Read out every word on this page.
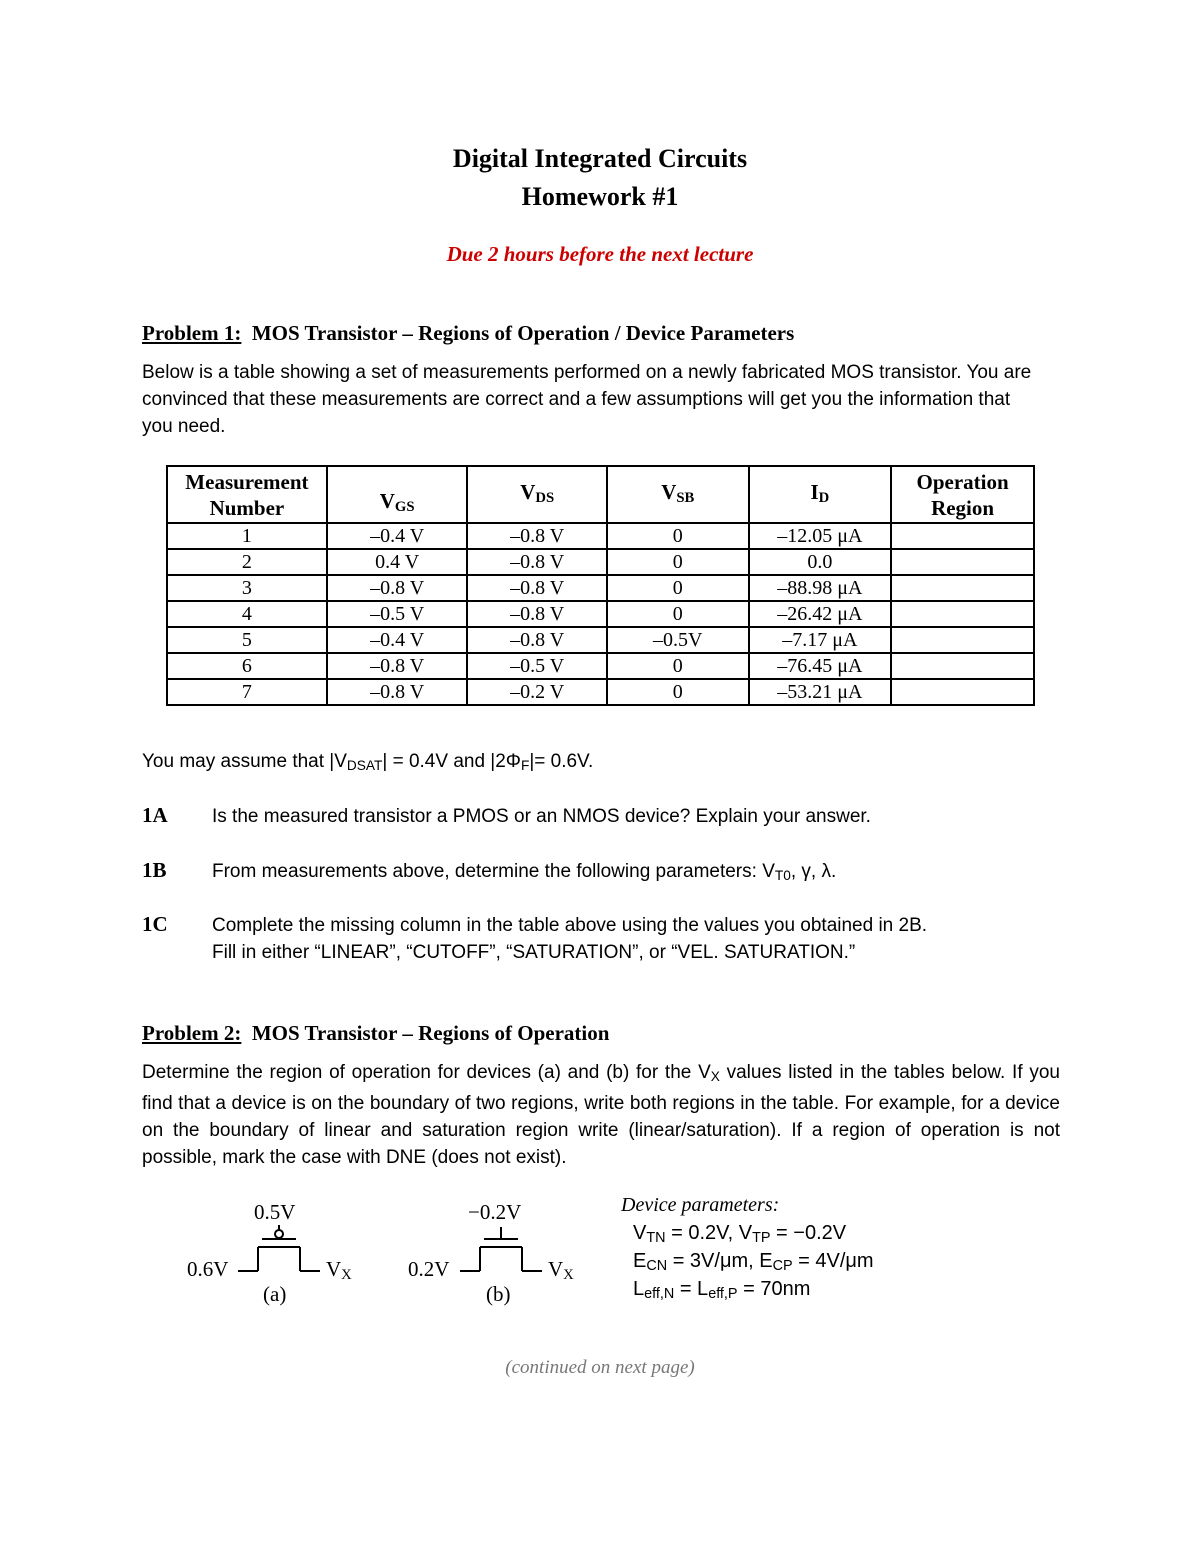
Digital Integrated Circuits
Homework #1
Due 2 hours before the next lecture
Problem 1: MOS Transistor – Regions of Operation / Device Parameters
Below is a table showing a set of measurements performed on a newly fabricated MOS transistor. You are convinced that these measurements are correct and a few assumptions will get you the information that you need.
Measurement
Number	$V_{GS}$	$V_{DS}$	$V_{SB}$	$I_D$	Operation
Region
1	–0.4 V	–0.8 V	0	–12.05 μA	
2	0.4 V	–0.8 V	0	0.0	
3	–0.8 V	–0.8 V	0	–88.98 μA	
4	–0.5 V	–0.8 V	0	–26.42 μA	
5	–0.4 V	–0.8 V	–0.5V	–7.17 μA	
6	–0.8 V	–0.5 V	0	–76.45 μA	
7	–0.8 V	–0.2 V	0	–53.21 μA	
You may assume that |VDSAT| = 0.4V and |2ΦF|= 0.6V.
1A Is the measured transistor a PMOS or an NMOS device? Explain your answer.
1B From measurements above, determine the following parameters: VT0, γ, λ.
1C Complete the missing column in the table above using the values you obtained in 2B.
Fill in either “LINEAR”, “CUTOFF”, “SATURATION”, or “VEL. SATURATION.”
Problem 2: MOS Transistor – Regions of Operation
Determine the region of operation for devices (a) and (b) for the VX values listed in the tables below. If you find that a device is on the boundary of two regions, write both regions in the table. For example, for a device on the boundary of linear and saturation region write (linear/saturation). If a region of operation is not possible, mark the case with DNE (does not exist).
0.5V
0.6V	$V_X$
(a)
−0.2V
0.2V	$V_X$
(b)
Device parameters:
VTN = 0.2V, VTP = −0.2V
ECN = 3V/μm, ECP = 4V/μm
Leff,N = Leff,P = 70nm
(continued on next page)
